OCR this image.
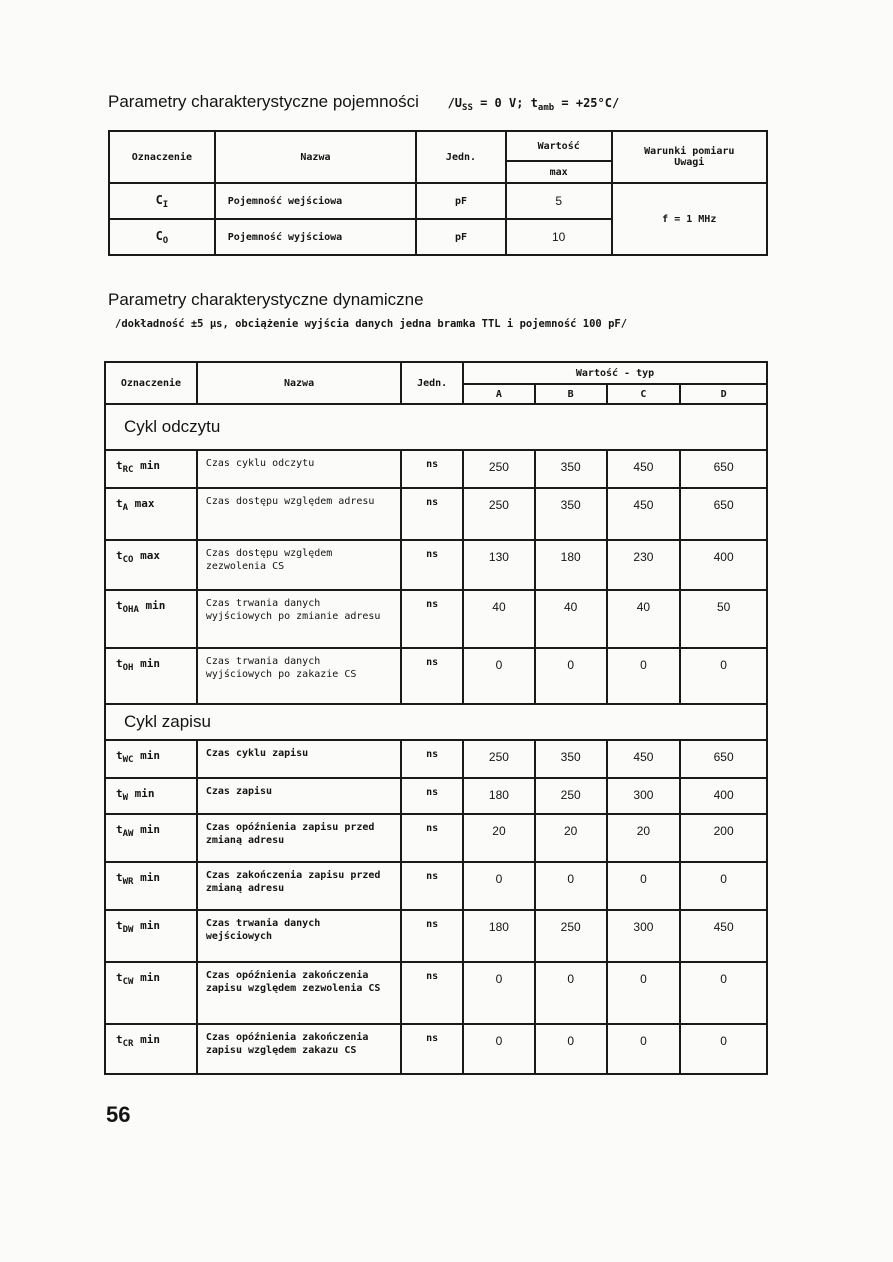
Parametry charakterystyczne pojemności $/U_{SS} = 0$ V; $t_{amb} = +25^\circ C/$
Oznaczenie	Nazwa	Jedn.	Wartość	Warunki pomiaru
Uwagi
			max	
$C_I$	Pojemność wejściowa	pF	5	f = 1 MHz
$C_O$	Pojemność wyjściowa	pF	10	
Parametry charakterystyczne dynamiczne
/dokładność ±5 μs, obciążenie wyjścia danych jedna bramka TTL i pojemność 100 pF/
Oznaczenie	Nazwa	Jedn.	Wartość - typ			
			A	B	C	D
Cykl odczytu						
$t_{RC}$ min	Czas cyklu odczytu	ns	250	350	450	650
$t_A$ max	Czas dostępu względem adresu	ns	250	350	450	650
$t_{CO}$ max	Czas dostępu względem zezwolenia CS	ns	130	180	230	400
$t_{OHA}$ min	Czas trwania danych wyjściowych po zmianie adresu	ns	40	40	40	50
$t_{OH}$ min	Czas trwania danych wyjściowych po zakazie CS	ns	0	0	0	0
Cykl zapisu						
$t_{WC}$ min	Czas cyklu zapisu	ns	250	350	450	650
$t_W$ min	Czas zapisu	ns	180	250	300	400
$t_{AW}$ min	Czas opóźnienia zapisu przed zmianą adresu	ns	20	20	20	200
$t_{WR}$ min	Czas zakończenia zapisu przed zmianą adresu	ns	0	0	0	0
$t_{DW}$ min	Czas trwania danych wejściowych	ns	180	250	300	450
$t_{CW}$ min	Czas opóźnienia zakończenia zapisu względem zezwolenia CS	ns	0	0	0	0
$t_{CR}$ min	Czas opóźnienia zakończenia zapisu względem zakazu CS	ns	0	0	0	0
56
